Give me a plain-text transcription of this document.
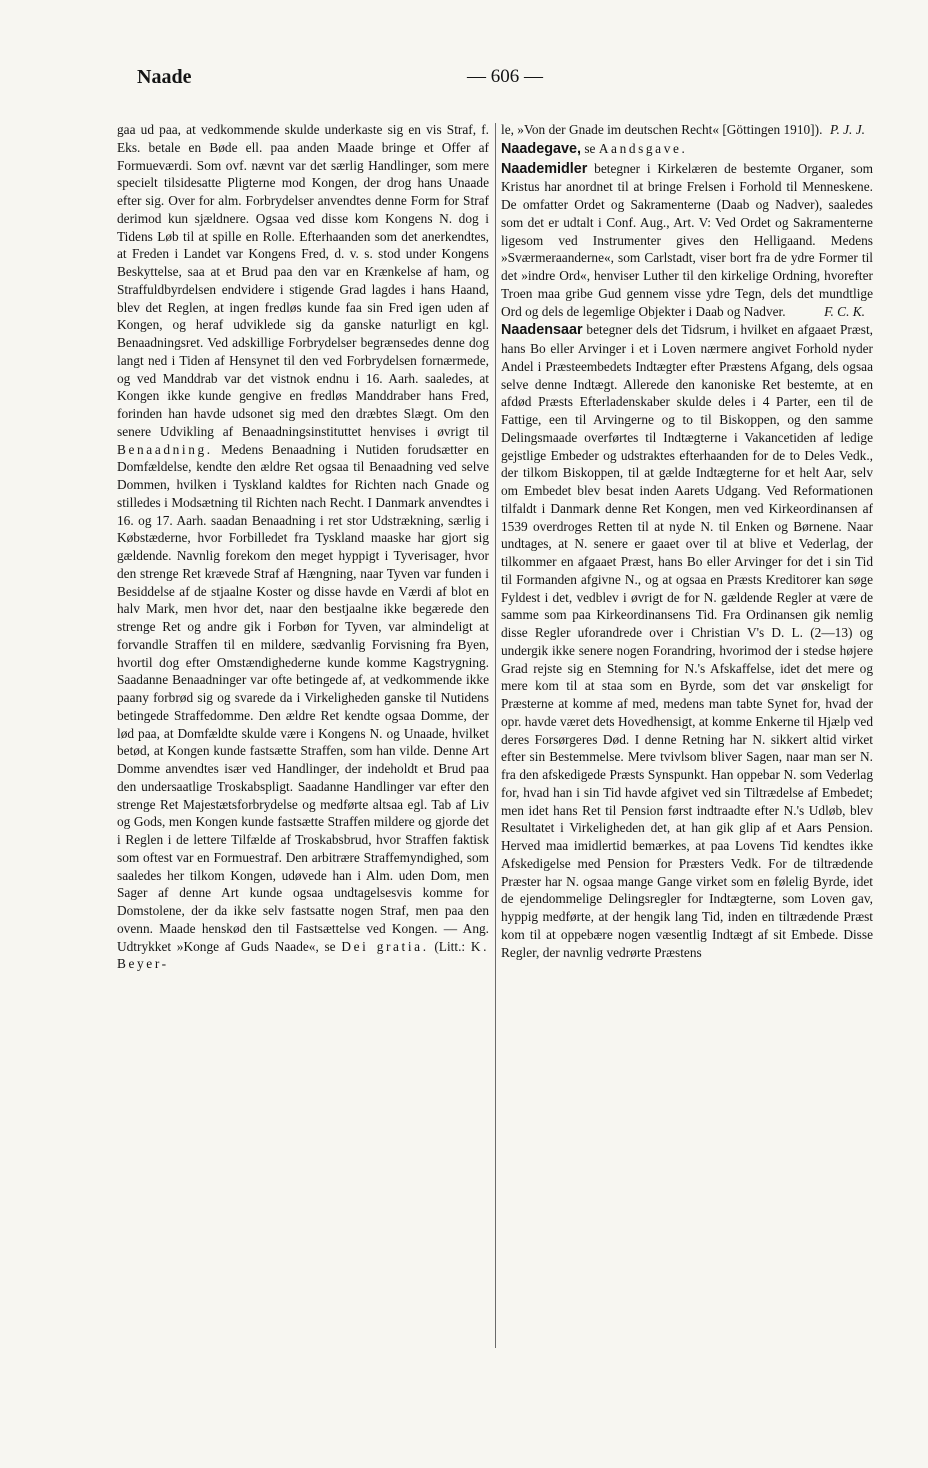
Naade	— 606 —

gaa ud paa, at vedkommende skulde underkaste sig en vis Straf, f. Eks. betale en Bøde ell. paa anden Maade bringe et Offer af Formueværdi. Som ovf. nævnt var det særlig Handlinger, som mere specielt tilsidesatte Pligterne mod Kongen, der drog hans Unaade efter sig. Over for alm. Forbrydelser anvendtes denne Form for Straf derimod kun sjældnere. Ogsaa ved disse kom Kongens N. dog i Tidens Løb til at spille en Rolle. Efterhaanden som det anerkendtes, at Freden i Landet var Kongens Fred, d. v. s. stod under Kongens Beskyttelse, saa at et Brud paa den var en Krænkelse af ham, og Straffuldbyrdelsen endvidere i stigende Grad lagdes i hans Haand, blev det Reglen, at ingen fredløs kunde faa sin Fred igen uden af Kongen, og heraf udviklede sig da ganske naturligt en kgl. Benaadningsret. Ved adskillige Forbrydelser begrænsedes denne dog langt ned i Tiden af Hensynet til den ved Forbrydelsen fornærmede, og ved Manddrab var det vistnok endnu i 16. Aarh. saaledes, at Kongen ikke kunde gengive en fredløs Manddraber hans Fred, forinden han havde udsonet sig med den dræbtes Slægt. Om den senere Udvikling af Benaadningsinstituttet henvises i øvrigt til Benaadning. Medens Benaadning i Nutiden forudsætter en Domfældelse, kendte den ældre Ret ogsaa til Benaadning ved selve Dommen, hvilken i Tyskland kaldtes for Richten nach Gnade og stilledes i Modsætning til Richten nach Recht. I Danmark anvendtes i 16. og 17. Aarh. saadan Benaadning i ret stor Udstrækning, særlig i Købstæderne, hvor Forbilledet fra Tyskland maaske har gjort sig gældende. Navnlig forekom den meget hyppigt i Tyverisager, hvor den strenge Ret krævede Straf af Hængning, naar Tyven var funden i Besiddelse af de stjaalne Koster og disse havde en Værdi af blot en halv Mark, men hvor det, naar den bestjaalne ikke begærede den strenge Ret og andre gik i Forbøn for Tyven, var almindeligt at forvandle Straffen til en mildere, sædvanlig Forvisning fra Byen, hvortil dog efter Omstændighederne kunde komme Kagstrygning. Saadanne Benaadninger var ofte betingede af, at vedkommende ikke paany forbrød sig og svarede da i Virkeligheden ganske til Nutidens betingede Straffedomme. Den ældre Ret kendte ogsaa Domme, der lød paa, at Domfældte skulde være i Kongens N. og Unaade, hvilket betød, at Kongen kunde fastsætte Straffen, som han vilde. Denne Art Domme anvendtes især ved Handlinger, der indeholdt et Brud paa den undersaatlige Troskabspligt. Saadanne Handlinger var efter den strenge Ret Majestætsforbrydelse og medførte altsaa egl. Tab af Liv og Gods, men Kongen kunde fastsætte Straffen mildere og gjorde det i Reglen i de lettere Tilfælde af Troskabsbrud, hvor Straffen faktisk som oftest var en Formuestraf. Den arbitrære Straffemyndighed, som saaledes her tilkom Kongen, udøvede han i Alm. uden Dom, men Sager af denne Art kunde ogsaa undtagelsesvis komme for Domstolene, der da ikke selv fastsatte nogen Straf, men paa den ovenn. Maade henskød den til Fastsættelse ved Kongen. — Ang. Udtrykket »Konge af Guds Naade«, se Dei gratia. (Litt.: K. Beyer-

le, »Von der Gnade im deutschen Recht« [Göttingen 1910]). P. J. J.

Naadegave, se Aandsgave.

Naademidler betegner i Kirkelæren de bestemte Organer, som Kristus har anordnet til at bringe Frelsen i Forhold til Menneskene. De omfatter Ordet og Sakramenterne (Daab og Nadver), saaledes som det er udtalt i Conf. Aug., Art. V: Ved Ordet og Sakramenterne ligesom ved Instrumenter gives den Helligaand. Medens »Sværmeraanderne«, som Carlstadt, viser bort fra de ydre Former til det »indre Ord«, henviser Luther til den kirkelige Ordning, hvorefter Troen maa gribe Gud gennem visse ydre Tegn, dels det mundtlige Ord og dels de legemlige Objekter i Daab og Nadver.	F. C. K.

Naadensaar betegner dels det Tidsrum, i hvilket en afgaaet Præst, hans Bo eller Arvinger i et i Loven nærmere angivet Forhold nyder Andel i Præsteembedets Indtægter efter Præstens Afgang, dels ogsaa selve denne Indtægt. Allerede den kanoniske Ret bestemte, at en afdød Præsts Efterladenskaber skulde deles i 4 Parter, een til de Fattige, een til Arvingerne og to til Biskoppen, og den samme Delingsmaade overførtes til Indtægterne i Vakancetiden af ledige gejstlige Embeder og udstraktes efterhaanden for de to Deles Vedk., der tilkom Biskoppen, til at gælde Indtægterne for et helt Aar, selv om Embedet blev besat inden Aarets Udgang. Ved Reformationen tilfaldt i Danmark denne Ret Kongen, men ved Kirkeordinansen af 1539 overdroges Retten til at nyde N. til Enken og Børnene. Naar undtages, at N. senere er gaaet over til at blive et Vederlag, der tilkommer en afgaaet Præst, hans Bo eller Arvinger for det i sin Tid til Formanden afgivne N., og at ogsaa en Præsts Kreditorer kan søge Fyldest i det, vedblev i øvrigt de for N. gældende Regler at være de samme som paa Kirkeordinansens Tid. Fra Ordinansen gik nemlig disse Regler uforandrede over i Christian V's D. L. (2—13) og undergik ikke senere nogen Forandring, hvorimod der i stedse højere Grad rejste sig en Stemning for N.'s Afskaffelse, idet det mere og mere kom til at staa som en Byrde, som det var ønskeligt for Præsterne at komme af med, medens man tabte Synet for, hvad der opr. havde været dets Hovedhensigt, at komme Enkerne til Hjælp ved deres Forsørgeres Død. I denne Retning har N. sikkert altid virket efter sin Bestemmelse. Mere tvivlsom bliver Sagen, naar man ser N. fra den afskedigede Præsts Synspunkt. Han oppebar N. som Vederlag for, hvad han i sin Tid havde afgivet ved sin Tiltrædelse af Embedet; men idet hans Ret til Pension først indtraadte efter N.'s Udløb, blev Resultatet i Virkeligheden det, at han gik glip af et Aars Pension. Herved maa imidlertid bemærkes, at paa Lovens Tid kendtes ikke Afskedigelse med Pension for Præsters Vedk. For de tiltrædende Præster har N. ogsaa mange Gange virket som en følelig Byrde, idet de ejendommelige Delingsregler for Indtægterne, som Loven gav, hyppig medførte, at der hengik lang Tid, inden en tiltrædende Præst kom til at oppebære nogen væsentlig Indtægt af sit Embede. Disse Regler, der navnlig vedrørte Præstens
